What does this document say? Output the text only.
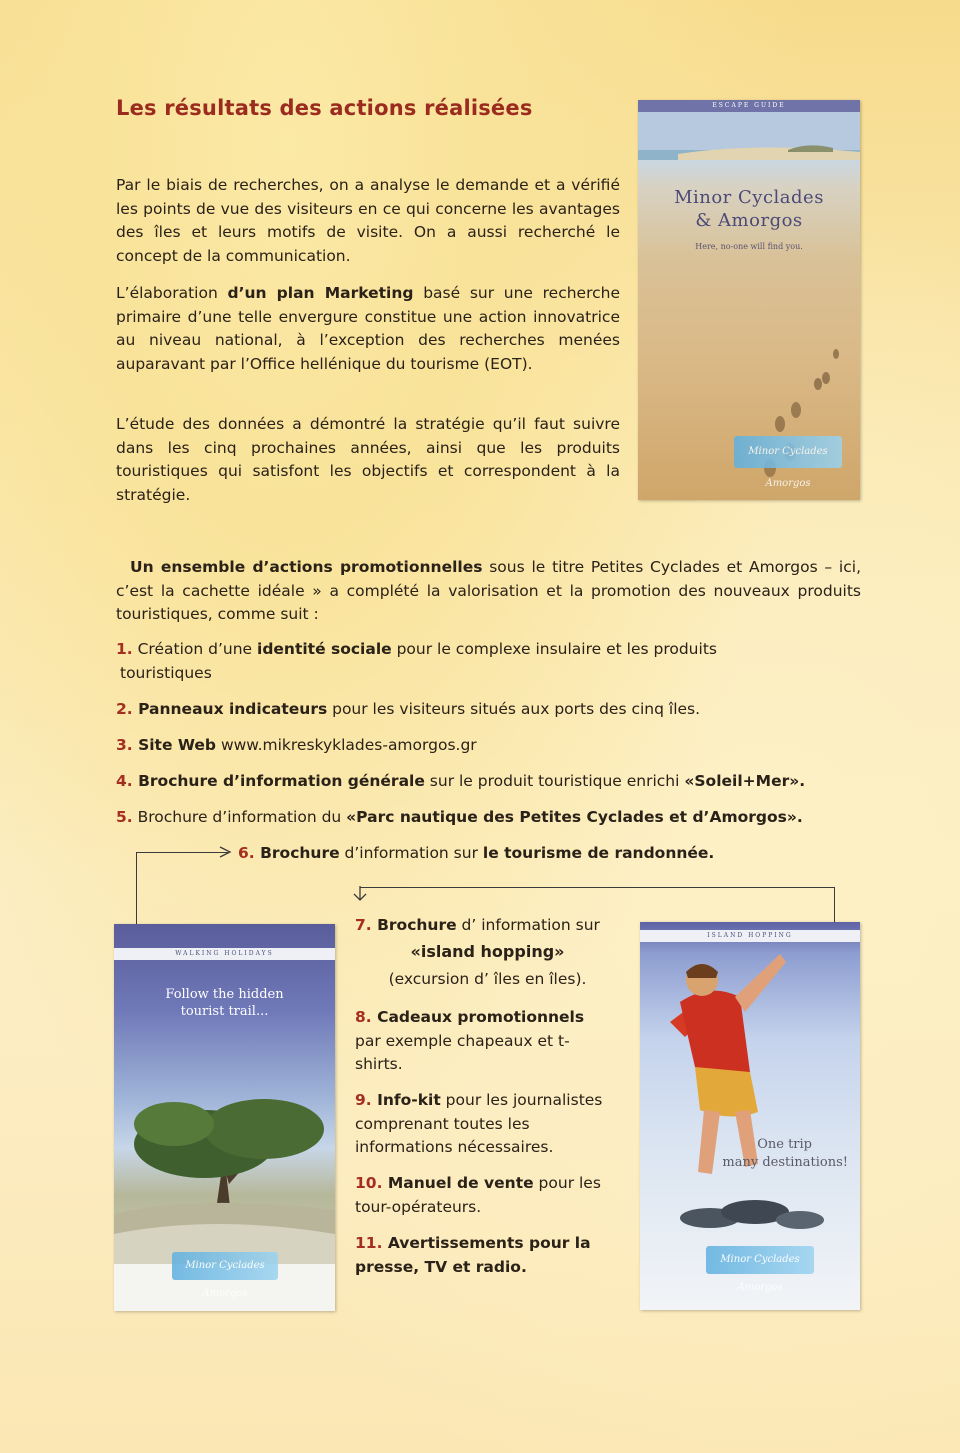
Les résultats des actions réalisées

Par le biais de recherches, on a analyse le demande et a vérifié les points de vue des visiteurs en ce qui concerne les avantages des îles et leurs motifs de visite. On a aussi recherché le concept de la communication.

L’élaboration d’un plan Marketing basé sur une recherche primaire d’une telle envergure constitue une action innovatrice au niveau national, à l’exception des recherches menées auparavant par l’Office hellénique du tourisme (EOT).

L’étude des données a démontré la stratégie qu’il faut suivre dans les cinq prochaines années, ainsi que les produits touristiques qui satisfont les objectifs et correspondent à la stratégie.

ESCAPE GUIDE
Minor Cyclades
& Amorgos
Here, no-one will find you.
Minor Cyclades Amorgos

Un ensemble d’actions promotionnelles sous le titre Petites Cyclades et Amorgos – ici, c’est la cachette idéale » a complété la valorisation et la promotion des nouveaux produits touristiques, comme suit :

1. Création d’une identité sociale pour le complexe insulaire et les produits
touristiques

2. Panneaux indicateurs pour les visiteurs situés aux ports des cinq îles.

3. Site Web www.mikreskyklades-amorgos.gr

4. Brochure d’information générale sur le produit touristique enrichi «Soleil+Mer».

5. Brochure d’information du «Parc nautique des Petites Cyclades et d’Amorgos».

6. Brochure d’information sur le tourisme de randonnée.

WALKING HOLIDAYS
Follow the hidden
tourist trail...
Minor Cyclades Amorgos
7. Brochure d’ information sur
«island hopping»
(excursion d’ îles en îles).

8. Cadeaux promotionnels
par exemple chapeaux et t-shirts.

9. Info-kit pour les journalistes comprenant toutes les informations nécessaires.

10. Manuel de vente pour les tour-opérateurs.

11. Avertissements pour la presse, TV et radio.

ISLAND HOPPING
One trip
many destinations!
Minor Cyclades Amorgos
